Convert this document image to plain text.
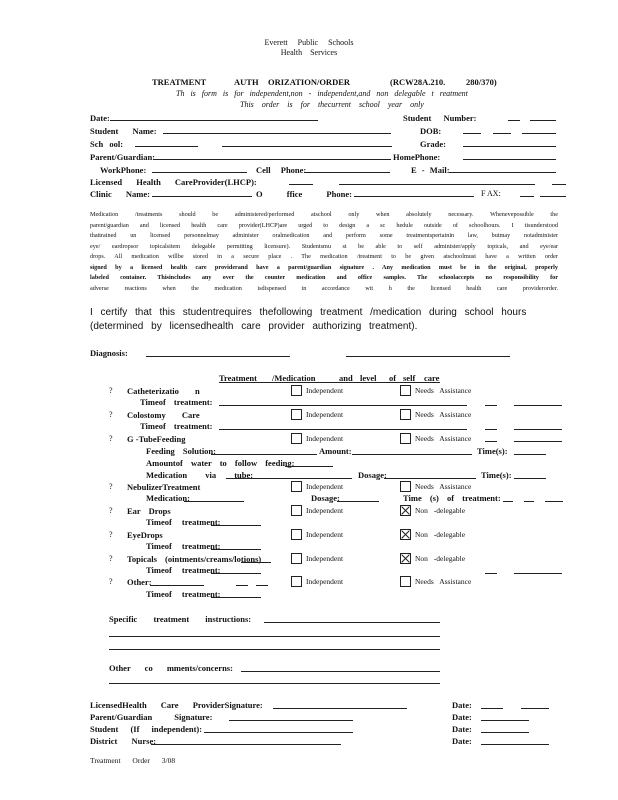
Everett Public Schools
Health Services
TREATMENT	AUTH ORIZATION/ORDER	(RCW28A.210. 280/370)
Th is form is for independent,non - independent,and non delegable t reatment
This order is for thecurrent school year only
Date:	Student Number:
Student Name:	DOB:
Sch ool:	Grade:
Parent/Guardian:	HomePhone:
WorkPhone:	Cell Phone:	E - Mail:
Licensed Health CareProvider(LHCP):
Clinic Name:	O ffice Phone:	F AX:
Medication /treatments should be administered/performed atschool only when absolutely necessary. Whenevepossible the
parent/guardian and licensed health care provider(LHCP)are urged to design a sc hedule outside of schoolhours. I tisunderstood
thattrained un licensed personnelmay administer oralmedication and perform some treatmentspertainin law, butmay notadminister
eye/ eardropsor topicalsitem delegable permitting licensure). Studentsmu st be able to self administer/apply topicals, and eye/ear
drops. All medication willbe stored in a secure place . The medication /treatment to be given atschoolmust have a written order
signed by a licensed health care providerand have a parent/guardian signature . Any medication must be in the original, properly
labeled container. Thisincludes any over the counter medication and office samples. The schoolaccepts no responsibility for
adverse reactions when the medication isdispensed in accordance wit h the licensed health care providerorder.
I certify that this studentrequires thefollowing treatment /medication during school hours
(determined by licensedhealth care provider authorizing treatment).
Diagnosis:
Treatment /Medication	and level of self care
? Catheterizatio n	Independent	Needs Assistance
Timeof treatment:
? Colostomy Care	Independent	Needs Assistance
Timeof treatment:
? G -TubeFeeding	Independent	Needs Assistance
Feeding Solution:	Amount:	Time(s):
Amountof water to follow feeding:
Medication via tube:	Dosage:	Time(s):
? NebulizerTreatment	Independent	Needs Assistance
Medication:	Dosage:	Time (s) of treatment:
? Ear Drops	Independent	Non -delegable
Timeof treatment:
? EyeDrops	Independent	Non -delegable
Timeof treatment:
? Topicals (ointments/creams/lotions)	Independent	Non -delegable
Timeof treatment:
? Other:	Independent	Needs Assistance
Timeof treatment:
Specific treatment instructions:
Other co mments/concerns:
LicensedHealth Care ProviderSignature:	Date:
Parent/Guardian Signature:	Date:
Student (If independent):	Date:
District Nurse:	Date:
Treatment Order 3/08
